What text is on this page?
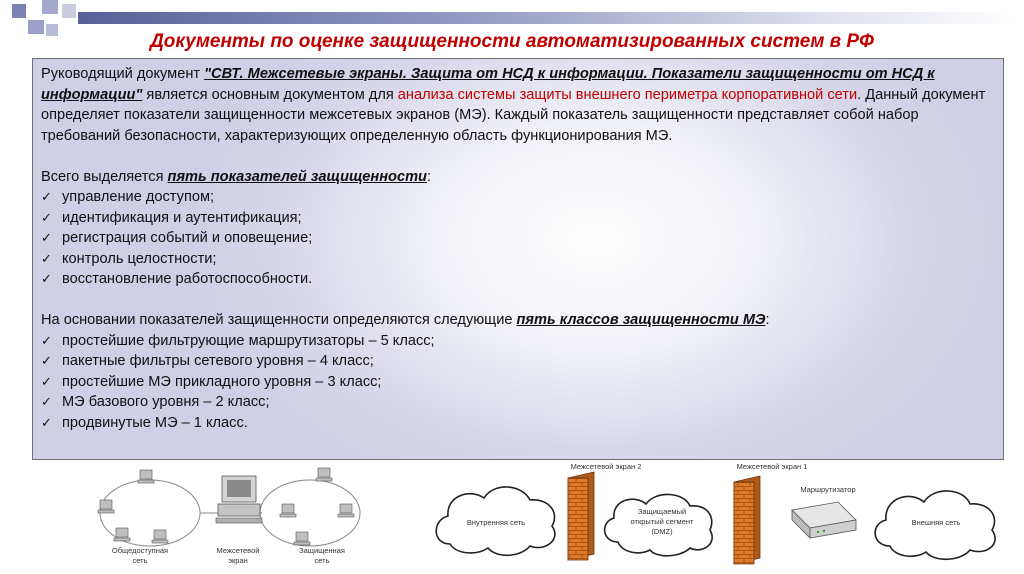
Документы по оценке защищенности автоматизированных систем в РФ

Руководящий документ "СВТ. Межсетевые экраны. Защита от НСД к информации. Показатели защищенности от НСД к информации" является основным документом для анализа системы защиты внешнего периметра корпоративной сети. Данный документ определяет показатели защищенности межсетевых экранов (МЭ). Каждый показатель защищенности представляет собой набор требований безопасности, характеризующих определенную область функционирования МЭ.

Всего выделяется пять показателей защищенности:

✓ управление доступом;
✓ идентификация и аутентификация;
✓ регистрация событий и оповещение;
✓ контроль целостности;
✓ восстановление работоспособности.

На основании показателей защищенности определяются следующие пять классов защищенности МЭ:

✓ простейшие фильтрующие маршрутизаторы – 5 класс;
✓ пакетные фильтры сетевого уровня – 4 класс;
✓ простейшие МЭ прикладного уровня – 3 класс;
✓ МЭ базового уровня – 2 класс;
✓ продвинутые МЭ – 1 класс.
Общедоступная
сеть
Межсетевой
экран
Защищенная
сеть
Межсетевой экран 2	Межсетевой экран 1
Маршрутизатор
Внутренняя сеть
Защищаемый
открытый сегмент
(DMZ)
Внешняя сеть
